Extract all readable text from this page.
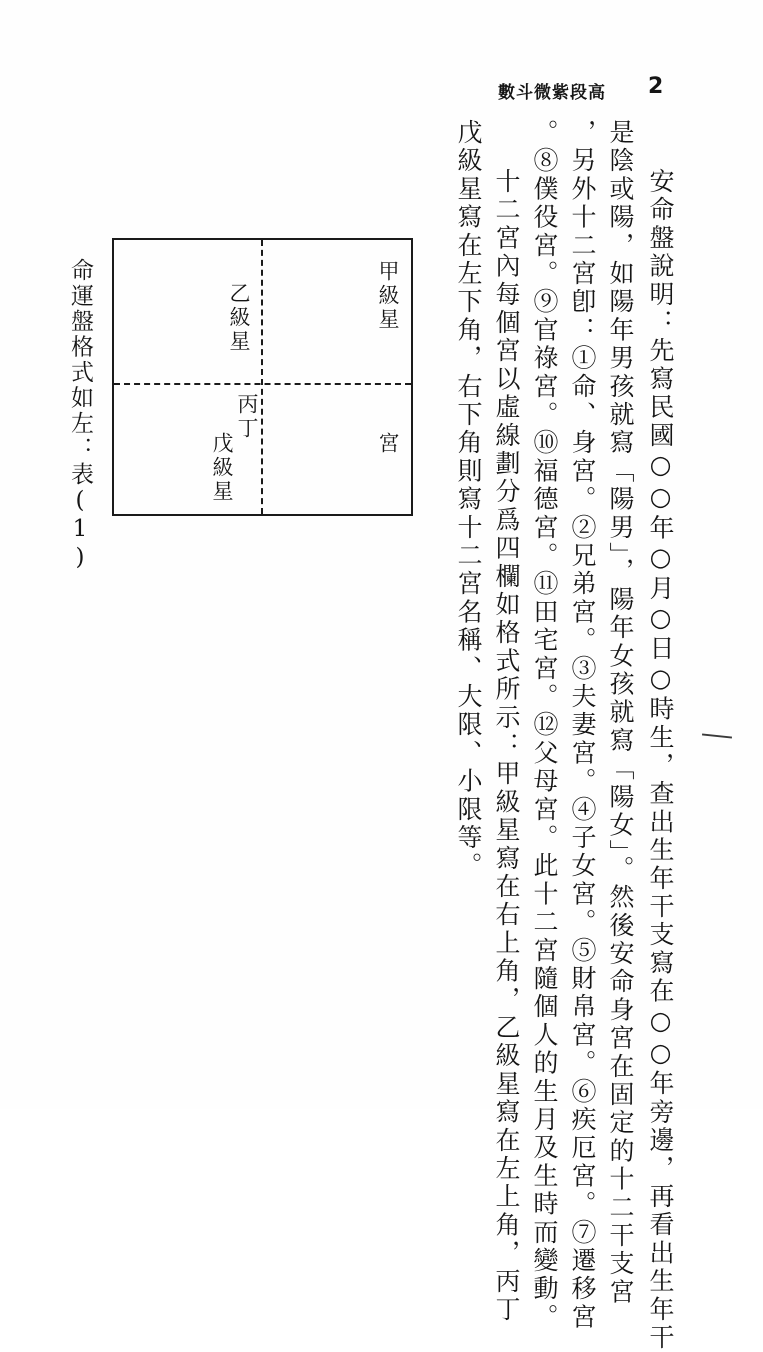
數斗微紫段高 2
安命盤說明：先寫民國○○年○月○日○時生，查出生年干支寫在○○年旁邊，再看出生年干
是陰或陽，如陽年男孩就寫「陽男」，陽年女孩就寫「陽女」。然後安命身宮在固定的十二干支宮
，另外十二宮卽：①命、身宮。②兄弟宮。③夫妻宮。④子女宮。⑤財帛宮。⑥疾厄宮。⑦遷移宮
。⑧僕役宮。⑨官祿宮。⑩福德宮。⑪田宅宮。⑫父母宮。此十二宮隨個人的生月及生時而變動。
十二宮內每個宮以虛線劃分爲四欄如格式所示：甲級星寫在右上角，乙級星寫在左上角，丙丁
戊級星寫在左下角，右下角則寫十二宮名稱、大限、小限等。
甲級星
乙級星
宮
丙丁
戊級星
命運盤格式如左：表(1)
